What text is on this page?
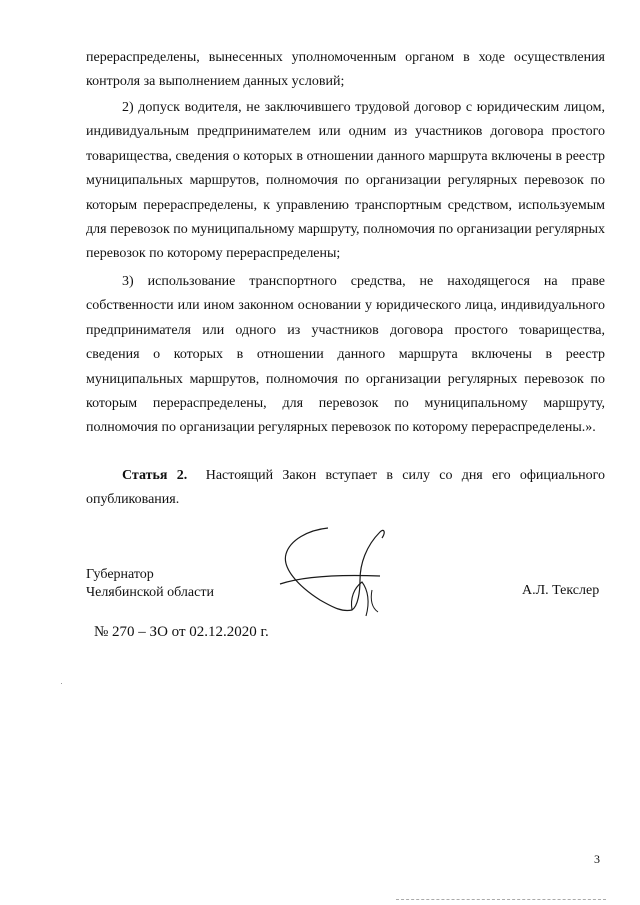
перераспределены, вынесенных уполномоченным органом в ходе осуществления контроля за выполнением данных условий;

2) допуск водителя, не заключившего трудовой договор с юридическим лицом, индивидуальным предпринимателем или одним из участников договора простого товарищества, сведения о которых в отношении данного маршрута включены в реестр муниципальных маршрутов, полномочия по организации регулярных перевозок по которым перераспределены, к управлению транспортным средством, используемым для перевозок по муниципальному маршруту, полномочия по организации регулярных перевозок по которому перераспределены;

3) использование транспортного средства, не находящегося на праве собственности или ином законном основании у юридического лица, индивидуального предпринимателя или одного из участников договора простого товарищества, сведения о которых в отношении данного маршрута включены в реестр муниципальных маршрутов, полномочия по организации регулярных перевозок по которым перераспределены, для перевозок по муниципальному маршруту, полномочия по организации регулярных перевозок по которому перераспределены.».

Статья 2. Настоящий Закон вступает в силу со дня его официального опубликования.

Губернатор
Челябинской области	А.Л. Текслер
№ 270 – ЗО от 02.12.2020 г.
3
